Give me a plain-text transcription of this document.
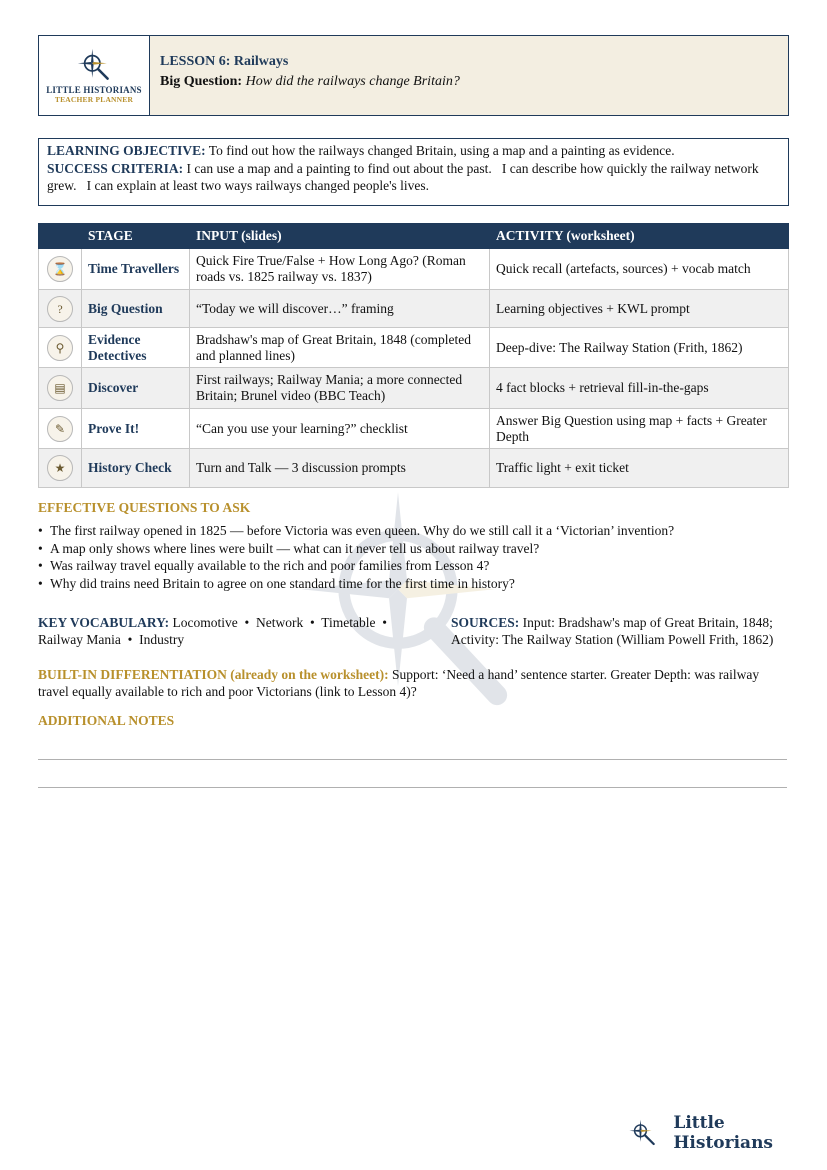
LITTLE HISTORIANS
TEACHER PLANNER
LESSON 6: Railways
Big Question: How did the railways change Britain?
LEARNING OBJECTIVE: To find out how the railways changed Britain, using a map and a painting as evidence.
SUCCESS CRITERIA: I can use a map and a painting to find out about the past.   I can describe how quickly the railway network grew.   I can explain at least two ways railways changed people's lives.
	STAGE	INPUT (slides)	ACTIVITY (worksheet)

⌛	Time Travellers	Quick Fire True/False + How Long Ago? (Roman roads vs. 1825 railway vs. 1837)	Quick recall (artefacts, sources) + vocab match

?	Big Question	“Today we will discover…” framing	Learning objectives + KWL prompt

⚲	Evidence Detectives	Bradshaw's map of Great Britain, 1848 (completed and planned lines)	Deep-dive: The Railway Station (Frith, 1862)

▤	Discover	First railways; Railway Mania; a more connected Britain; Brunel video (BBC Teach)	4 fact blocks + retrieval fill-in-the-gaps

✎	Prove It!	“Can you use your learning?” checklist	Answer Big Question using map + facts + Greater Depth

★	History Check	Turn and Talk — 3 discussion prompts	Traffic light + exit ticket
EFFECTIVE QUESTIONS TO ASK
• The first railway opened in 1825 — before Victoria was even queen. Why do we still call it a ‘Victorian’ invention?
• A map only shows where lines were built — what can it never tell us about railway travel?
• Was railway travel equally available to the rich and poor families from Lesson 4?
• Why did trains need Britain to agree on one standard time for the first time in history?
KEY VOCABULARY: Locomotive  •  Network  •  Timetable  •  Railway Mania  •  Industry
SOURCES: Input: Bradshaw's map of Great Britain, 1848; Activity: The Railway Station (William Powell Frith, 1862)
BUILT-IN DIFFERENTIATION (already on the worksheet): Support: ‘Need a hand’ sentence starter. Greater Depth: was railway travel equally available to rich and poor Victorians (link to Lesson 4)?
ADDITIONAL NOTES
Little Historians
